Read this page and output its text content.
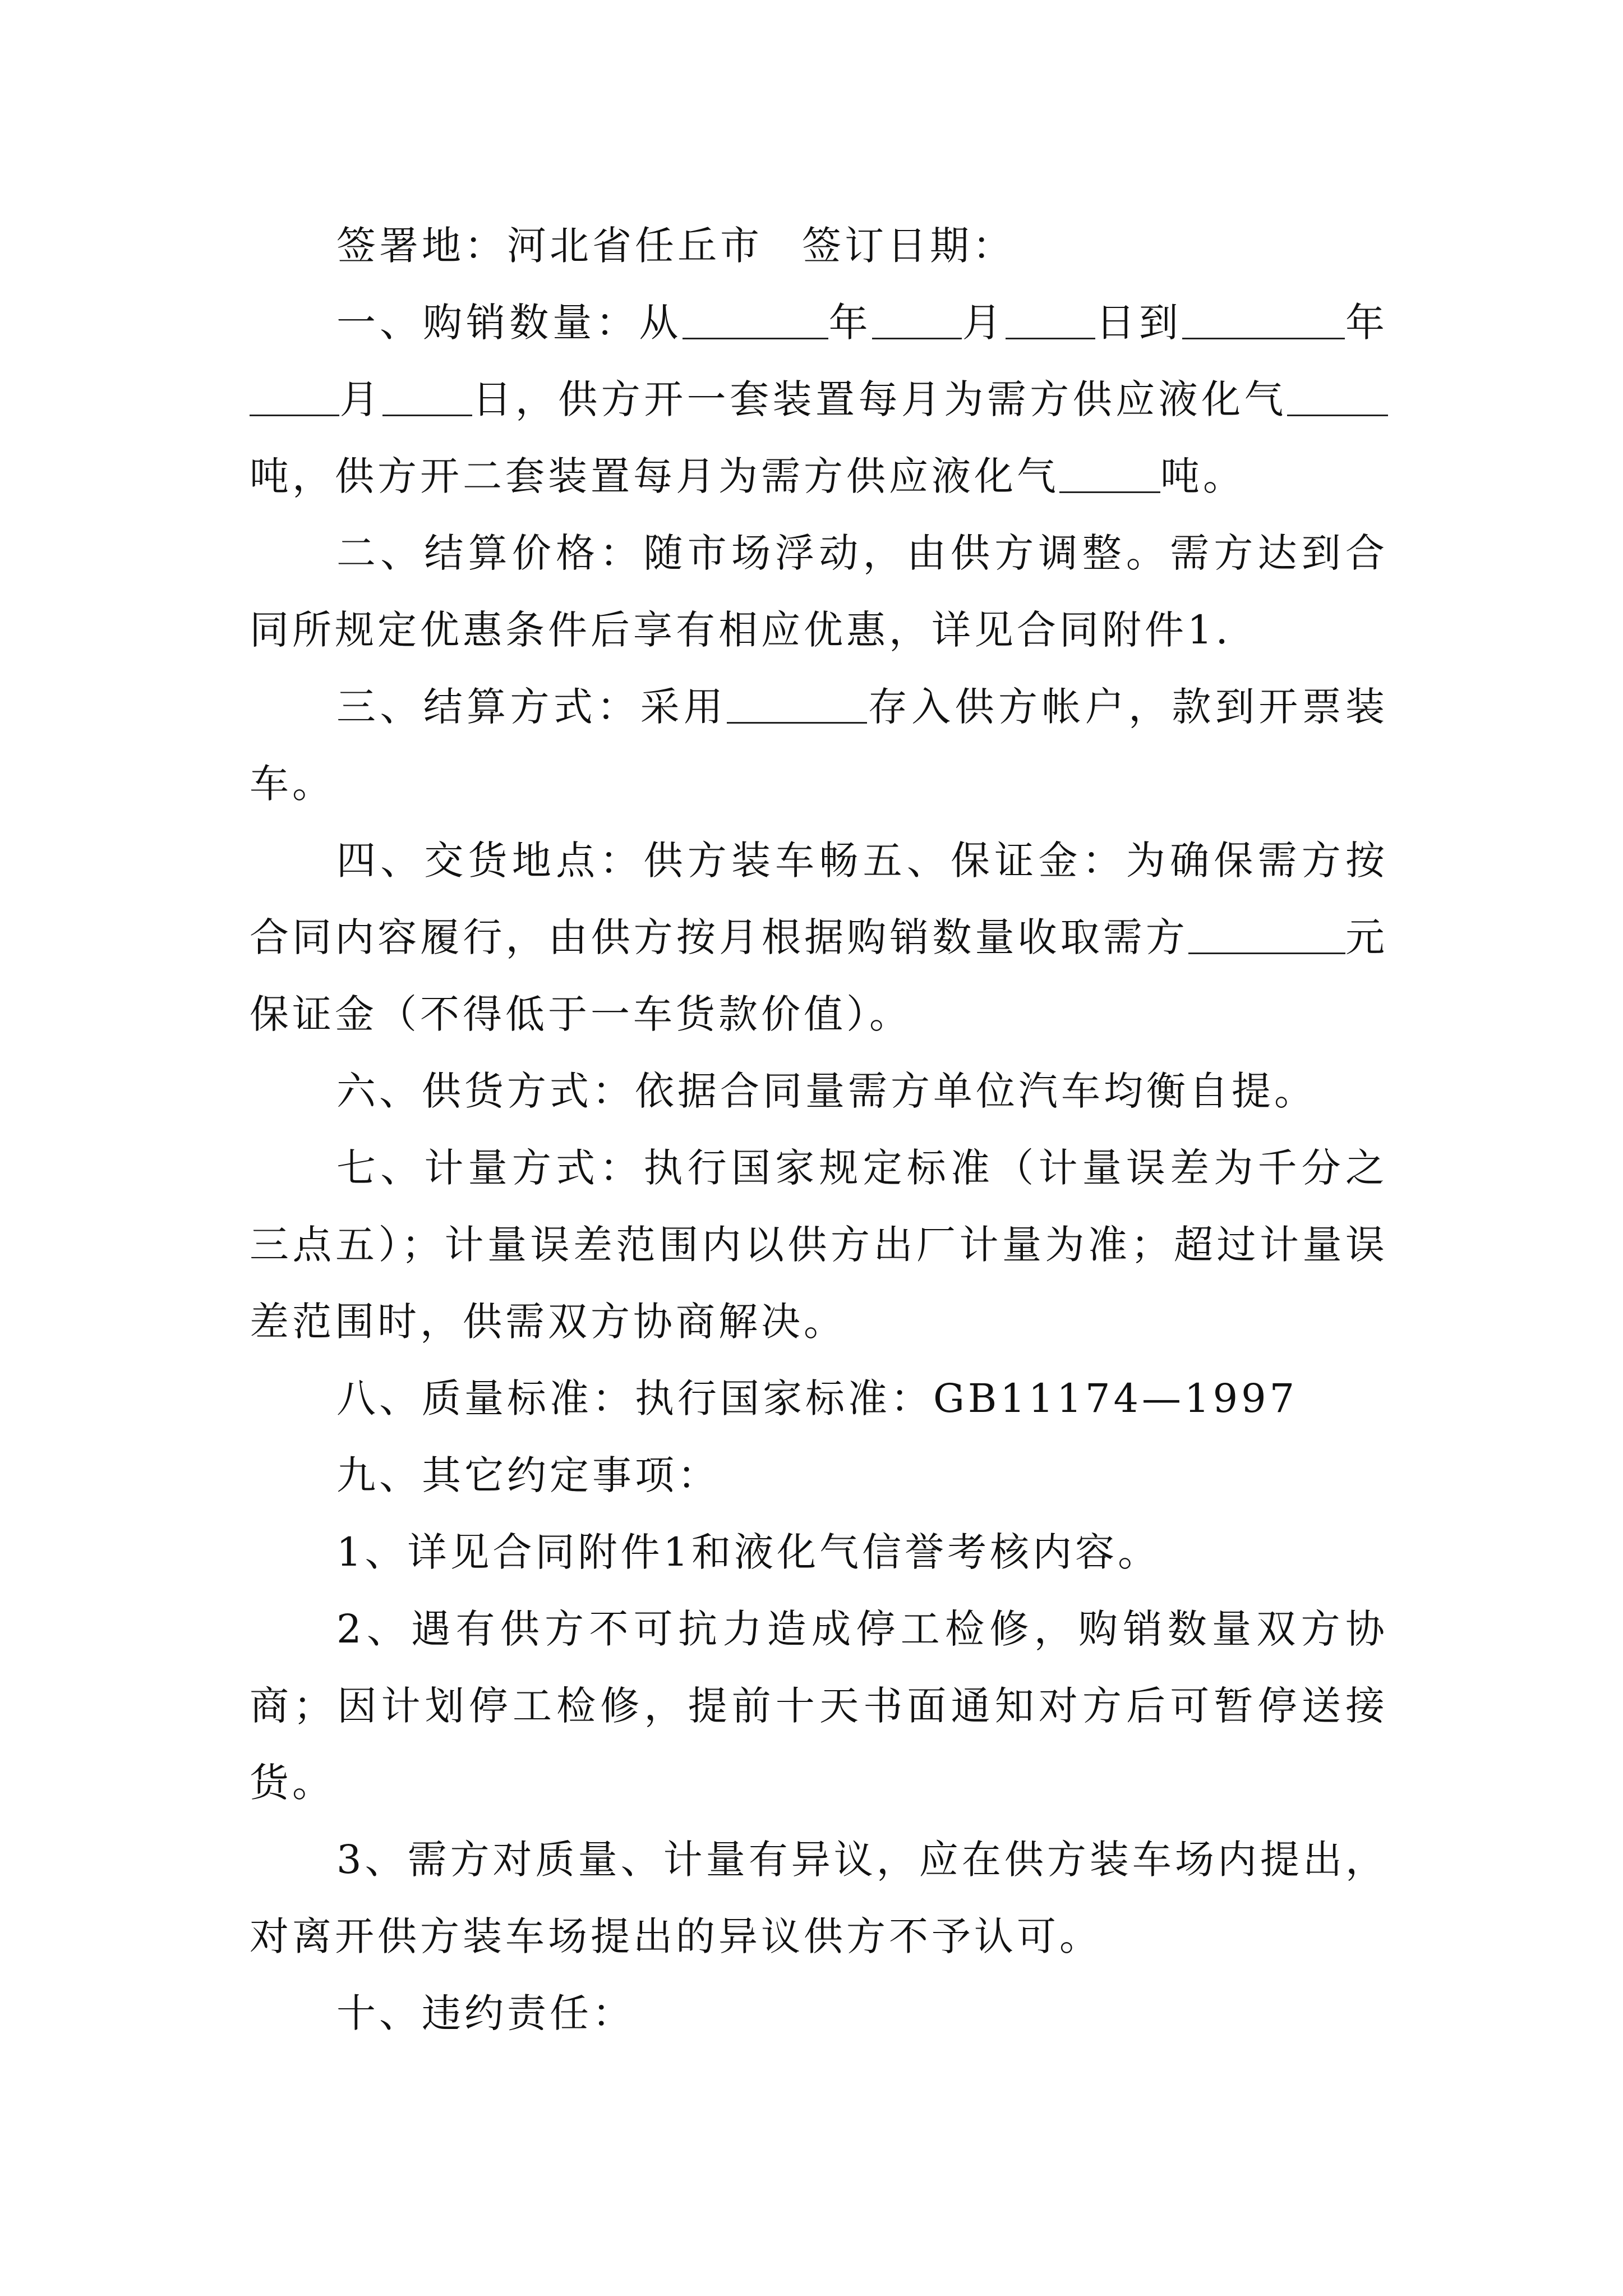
签署地：河北省任丘市 签订日期：

一、购销数量：从	年 月 日到	年月 日，供方开一套装置每月为需方供应液化气吨，供方开二套装置每月为需方供应液化气	吨。

二、结算价格：随市场浮动，由供方调整。需方达到合同所规定优惠条件后享有相应优惠，详见合同附件1.

三、结算方式：采用	存入供方帐户，款到开票装车。

四、交货地点：供方装车畅五、保证金：为确保需方按合同内容履行，由供方按月根据购销数量收取需方	元保证金（不得低于一车货款价值）。

六、供货方式：依据合同量需方单位汽车均衡自提。

七、计量方式：执行国家规定标准（计量误差为千分之三点五）；计量误差范围内以供方出厂计量为准；超过计量误差范围时，供需双方协商解决。

八、质量标准：执行国家标准：GB11174—1997

九、其它约定事项：

1、详见合同附件1和液化气信誉考核内容。

2、遇有供方不可抗力造成停工检修，购销数量双方协商；因计划停工检修，提前十天书面通知对方后可暂停送接货。

3、需方对质量、计量有异议，应在供方装车场内提出，对离开供方装车场提出的异议供方不予认可。

十、违约责任：
